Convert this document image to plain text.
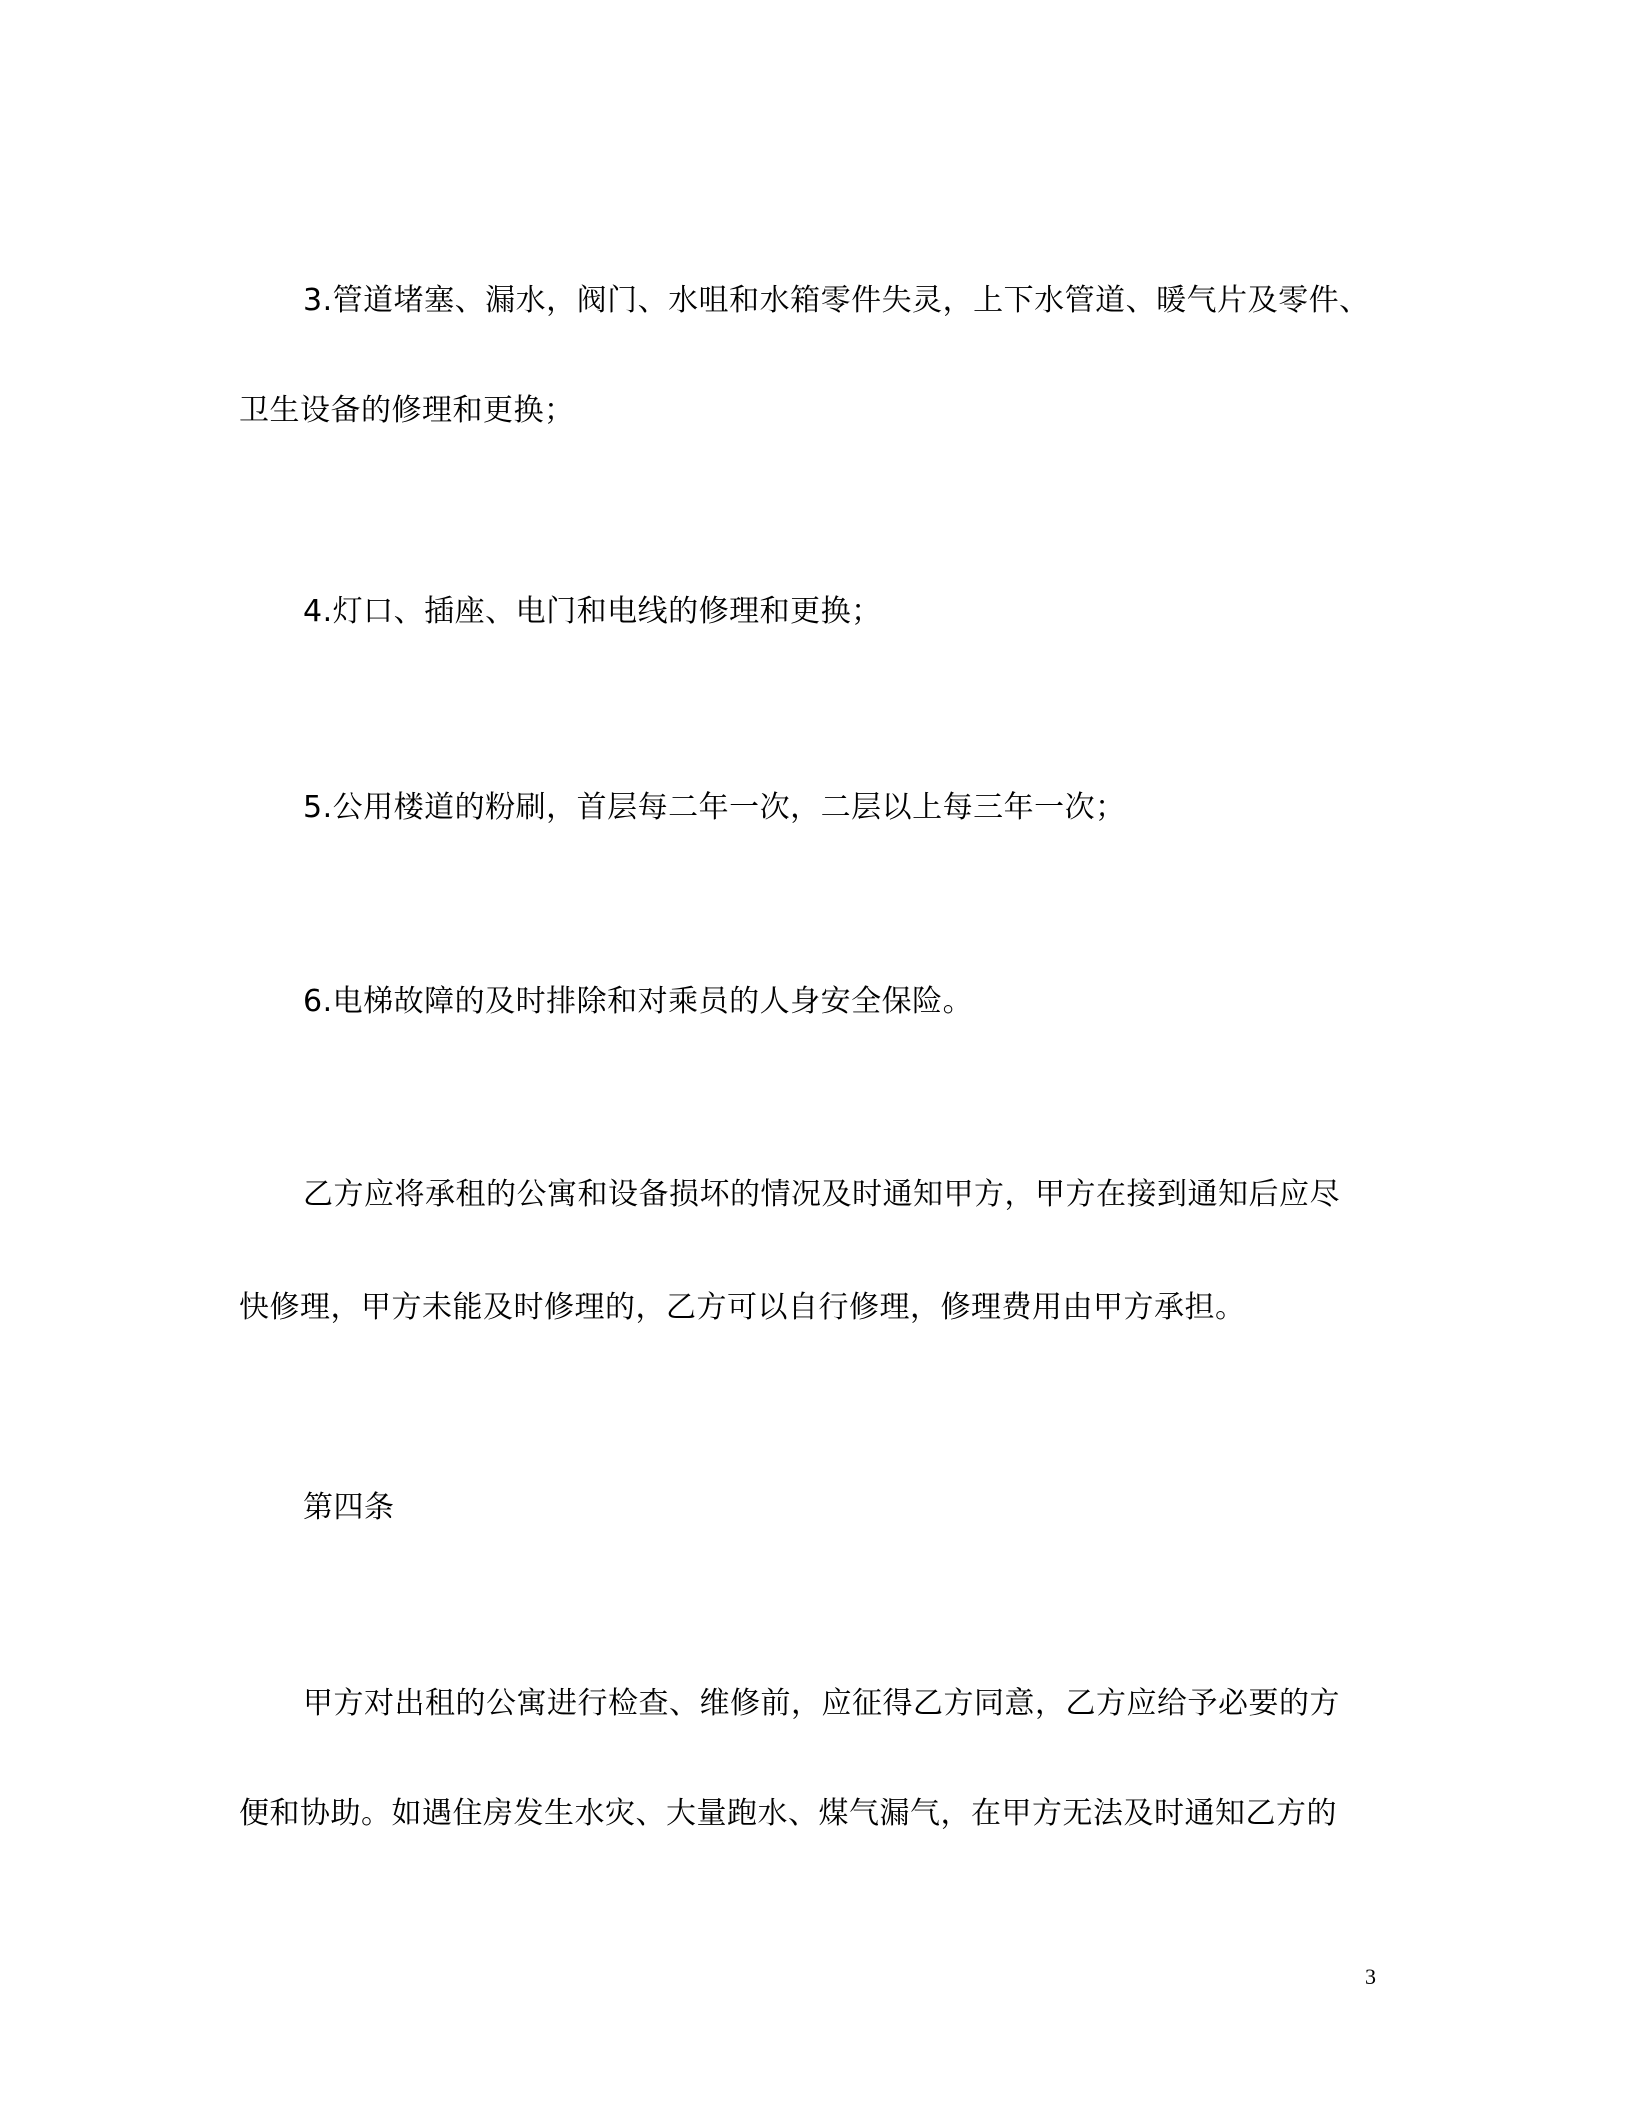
3.管道堵塞、漏水，阀门、水咀和水箱零件失灵，上下水管道、暖气片及零件、
卫生设备的修理和更换；
4.灯口、插座、电门和电线的修理和更换；
5.公用楼道的粉刷，首层每二年一次，二层以上每三年一次；
6.电梯故障的及时排除和对乘员的人身安全保险。
乙方应将承租的公寓和设备损坏的情况及时通知甲方，甲方在接到通知后应尽
快修理，甲方未能及时修理的，乙方可以自行修理，修理费用由甲方承担。
第四条
甲方对出租的公寓进行检查、维修前，应征得乙方同意，乙方应给予必要的方
便和协助。如遇住房发生水灾、大量跑水、煤气漏气，在甲方无法及时通知乙方的
3
